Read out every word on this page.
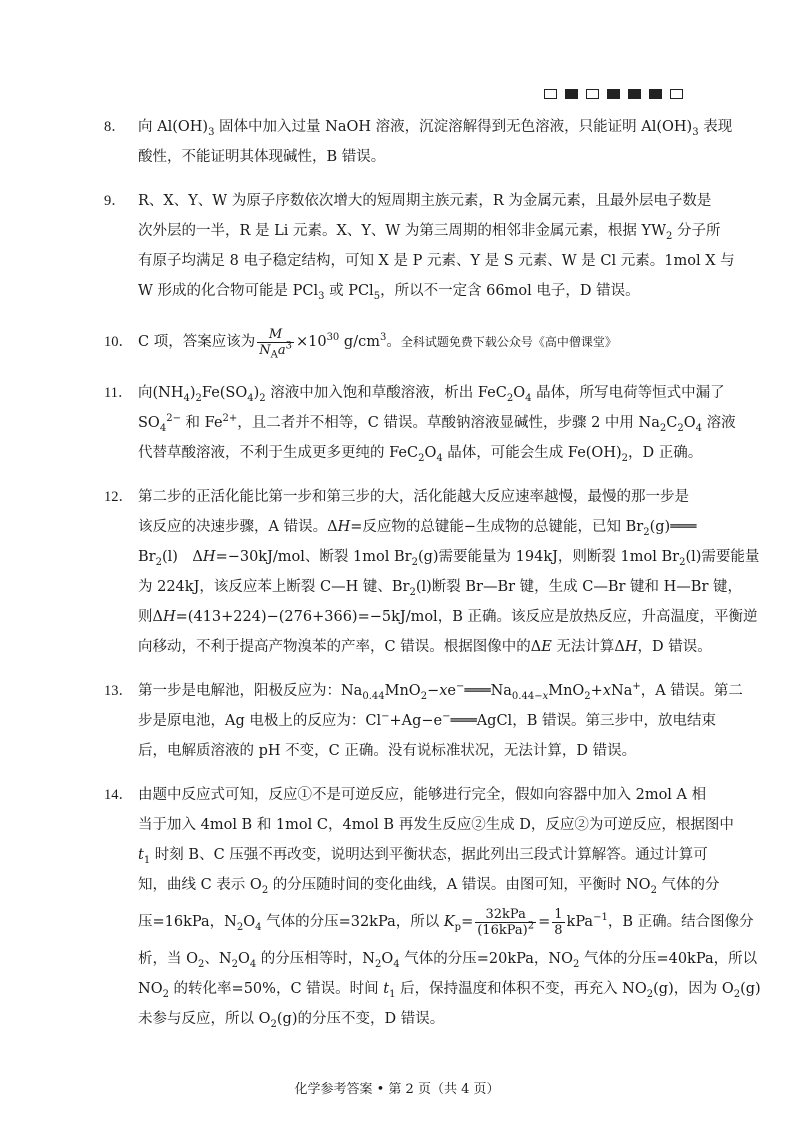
8． 向 $Al(OH)_3$ 固体中加入过量 NaOH 溶液，沉淀溶解得到无色溶液，只能证明 $Al(OH)_3$ 表现
酸性，不能证明其体现碱性，B 错误。
9． R、X、Y、W 为原子序数依次增大的短周期主族元素，R 为金属元素，且最外层电子数是
次外层的一半，R 是 Li 元素。X、Y、W 为第三周期的相邻非金属元素，根据 $YW_2$ 分子所
有原子均满足 8 电子稳定结构，可知 X 是 P 元素、Y 是 S 元素、W 是 Cl 元素。1mol X 与
W 形成的化合物可能是 PCl$_3$ 或 PCl$_5$，所以不一定含 66mol 电子，D 错误。
10． C 项，答案应该为 $\frac{M}{N_Aa^3} \times 10^{30}$ $g/cm^3$。全科试题免费下载公众号《高中僧课堂》
11． 向$(NH_4)_2Fe(SO_4)_2$ 溶液中加入饱和草酸溶液，析出 $FeC_2O_4$ 晶体，所写电荷等恒式中漏了
$SO_4^{2-}$ 和 $Fe^{2+}$，且二者并不相等，C 错误。草酸钠溶液显碱性，步骤 2 中用 $Na_2C_2O_4$ 溶液
代替草酸溶液，不利于生成更多更纯的 $FeC_2O_4$ 晶体，可能会生成 $Fe(OH)_2$，D 正确。
12． 第二步的正活化能比第一步和第三步的大，活化能越大反应速率越慢，最慢的那一步是
该反应的决速步骤，A 错误。ΔH=反应物的总键能−生成物的总键能，已知 $Br_2(g)═══$
$Br_2(l)$　ΔH=−30kJ/mol、断裂 1mol $Br_2(g)$需要能量为 194kJ，则断裂 1mol $Br_2(l)$需要能量
为 224kJ，该反应苯上断裂 C—H 键、$Br_2(l)$断裂 Br—Br 键，生成 C—Br 键和 H—Br 键，
则ΔH=(413+224)−(276+366)=−5kJ/mol，B 正确。该反应是放热反应，升高温度，平衡逆
向移动，不利于提高产物溴苯的产率，C 错误。根据图像中的ΔE 无法计算ΔH，D 错误。
13． 第一步是电解池，阳极反应为：$Na_{0.44}MnO_2-xe^-═══Na_{0.44-x}MnO_2+xNa^+$，A 错误。第二
步是原电池，Ag 电极上的反应为：Cl−+Ag−e−═══AgCl，B 错误。第三步中，放电结束
后，电解质溶液的 pH 不变，C 正确。没有说标准状况，无法计算，D 错误。
14． 由题中反应式可知，反应①不是可逆反应，能够进行完全，假如向容器中加入 2mol A 相
当于加入 4mol B 和 1mol C，4mol B 再发生反应②生成 D，反应②为可逆反应，根据图中
$t_1$ 时刻 B、C 压强不再改变，说明达到平衡状态，据此列出三段式计算解答。通过计算可
知，曲线 C 表示 $O_2$ 的分压随时间的变化曲线，A 错误。由图可知，平衡时 $NO_2$ 气体的分
压=16kPa，$N_2O_4$ 气体的分压=32kPa，所以 $K_p= \frac{\text{32kPa}}{(16kPa)^2} = \frac{1}{8} kPa^{-1}$，B 正确。结合图像分
析，当 $O_2$、$N_2O_4$ 的分压相等时，$N_2O_4$ 气体的分压=20kPa，$NO_2$ 气体的分压=40kPa，所以
$NO_2$ 的转化率=50%，C 错误。时间 $t_1$ 后，保持温度和体积不变，再充入 $NO_2(g)$，因为 $O_2(g)$
未参与反应，所以 $O_2(g)$的分压不变，D 错误。
化学参考答案 • 第 2 页（共 4 页）
